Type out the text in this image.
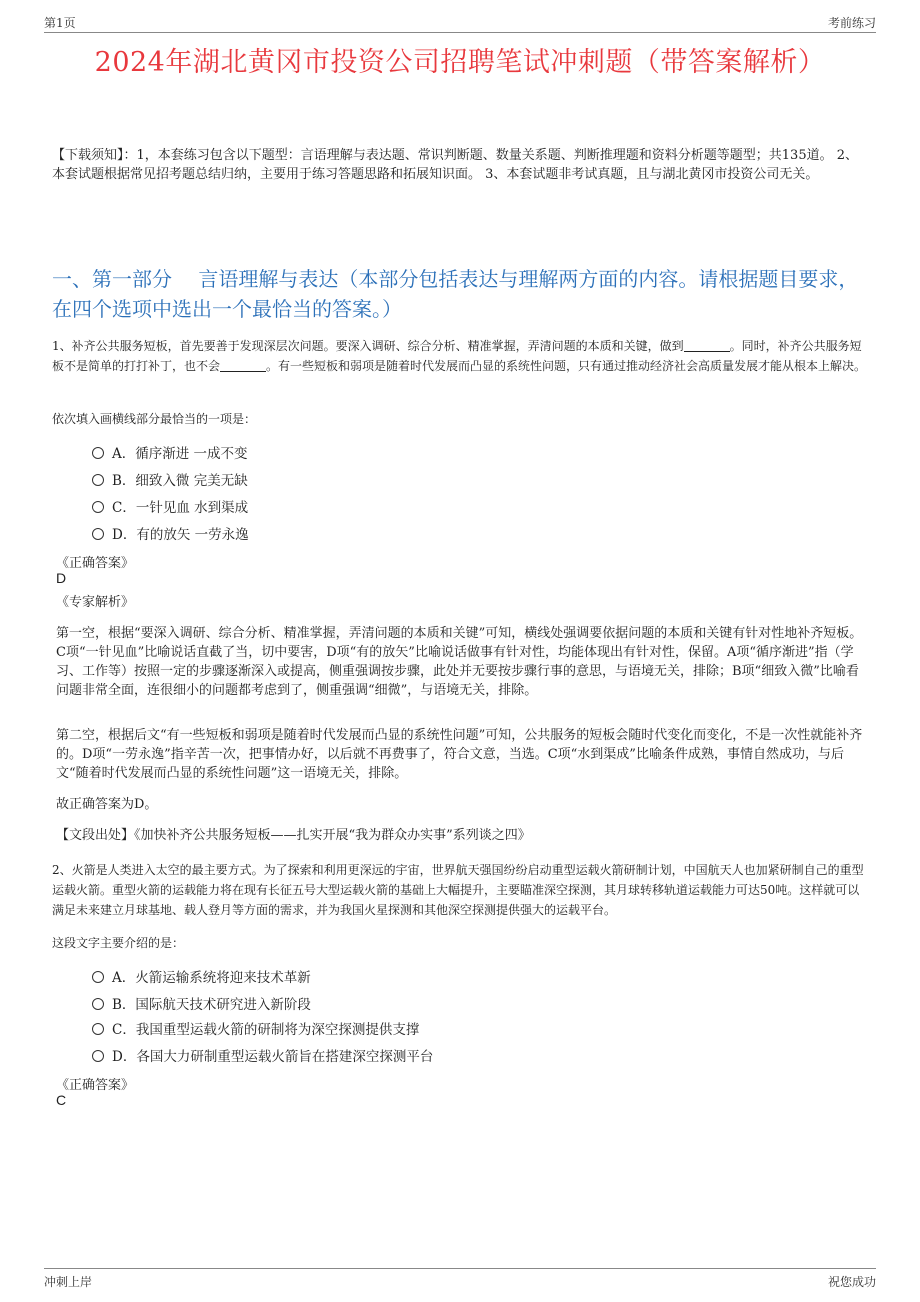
第1页	考前练习
2024年湖北黄冈市投资公司招聘笔试冲刺题（带答案解析）
【下载须知】：1，本套练习包含以下题型：言语理解与表达题、常识判断题、数量关系题、判断推理题和资料分析题等题型；共135道。 2、本套试题根据常见招考题总结归纳，主要用于练习答题思路和拓展知识面。 3、本套试题非考试真题，且与湖北黄冈市投资公司无关。
一、第一部分　 言语理解与表达（本部分包括表达与理解两方面的内容。请根据题目要求，在四个选项中选出一个最恰当的答案。）
1、补齐公共服务短板，首先要善于发现深层次问题。要深入调研、综合分析、精准掌握，弄清问题的本质和关键，做到	。同时，补齐公共服务短板不是简单的打打补丁，也不会	。有一些短板和弱项是随着时代发展而凸显的系统性问题，只有通过推动经济社会高质量发展才能从根本上解决。
依次填入画横线部分最恰当的一项是：
A．循序渐进 一成不变
B．细致入微 完美无缺
C．一针见血 水到渠成
D．有的放矢 一劳永逸
《正确答案》
D
《专家解析》
第一空，根据“要深入调研、综合分析、精准掌握，弄清问题的本质和关键”可知，横线处强调要依据问题的本质和关键有针对性地补齐短板。C项“一针见血”比喻说话直截了当，切中要害，D项“有的放矢”比喻说话做事有针对性，均能体现出有针对性，保留。A项“循序渐进”指（学习、工作等）按照一定的步骤逐渐深入或提高，侧重强调按步骤，此处并无要按步骤行事的意思，与语境无关，排除；B项“细致入微”比喻看问题非常全面，连很细小的问题都考虑到了，侧重强调“细微”，与语境无关，排除。
第二空，根据后文“有一些短板和弱项是随着时代发展而凸显的系统性问题”可知，公共服务的短板会随时代变化而变化，不是一次性就能补齐的。D项“一劳永逸”指辛苦一次，把事情办好，以后就不再费事了，符合文意，当选。C项“水到渠成”比喻条件成熟，事情自然成功，与后文“随着时代发展而凸显的系统性问题”这一语境无关，排除。
故正确答案为D。
【文段出处】《加快补齐公共服务短板——扎实开展“我为群众办实事”系列谈之四》
2、火箭是人类进入太空的最主要方式。为了探索和利用更深远的宇宙，世界航天强国纷纷启动重型运载火箭研制计划，中国航天人也加紧研制自己的重型运载火箭。重型火箭的运载能力将在现有长征五号大型运载火箭的基础上大幅提升，主要瞄准深空探测，其月球转移轨道运载能力可达50吨。这样就可以满足未来建立月球基地、载人登月等方面的需求，并为我国火星探测和其他深空探测提供强大的运载平台。
这段文字主要介绍的是：
A．火箭运输系统将迎来技术革新
B．国际航天技术研究进入新阶段
C．我国重型运载火箭的研制将为深空探测提供支撑
D．各国大力研制重型运载火箭旨在搭建深空探测平台
《正确答案》
C
冲刺上岸	祝您成功
